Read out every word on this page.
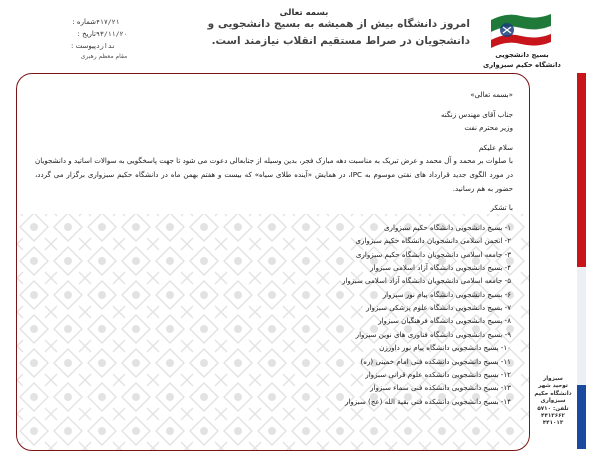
بسمه تعالی
۴۱۷/۲۱
شماره :
۹۳/۱۱/۲۰
تاریخ :
ندارد
پیوست :
مقام معظم رهبری
امروز دانشگاه بیش از همیشه به بسیج دانشجویی و دانشجویان در صراط مستقیم انقلاب نیازمند است.
بسیج دانشجویی
دانشگاه حکیم سبزواری
«بسمه تعالی»
جناب آقای مهندس زنگنه
وزیر محترم نفت
سلام علیکم
با صلوات بر محمد و آل محمد و عرض تبریک به مناسبت دهه مبارک فجر، بدین وسیله از جنابعالی دعوت می شود تا جهت پاسخگویی به سوالات اساتید و دانشجویان در مورد الگوی جدید قرارداد های نفتی موسوم به IPC، در همایش «آینده طلای سیاه» که بیست و هفتم بهمن ماه در دانشگاه حکیم سبزواری برگزار می گردد، حضور به هم رسانید.
با تشکر
۱- بسیج دانشجویی دانشگاه حکیم سبزواری
۲- انجمن اسلامی دانشجویان دانشگاه حکیم سبزواری
۳- جامعه اسلامی دانشجویان دانشگاه حکیم سبزواری
۴- بسیج دانشجویی دانشگاه آزاد اسلامی سبزوار
۵- جامعه اسلامی دانشجویان دانشگاه آزاد اسلامی سبزوار
۶- بسیج دانشجویی دانشگاه پیام نور سبزوار
۷- بسیج دانشجویی دانشگاه علوم پزشکی سبزوار
۸- بسیج دانشجویی دانشگاه فرهنگیان سبزوار
۹- بسیج دانشجویی دانشگاه فناوری های نوین سبزوار
۱۰- بسیج دانشجویی دانشگاه پیام نور داورزن
۱۱- بسیج دانشجویی دانشکده فنی امام خمینی (ره)
۱۲- بسیج دانشجویی دانشکده علوم قرانی سبزوار
۱۳- بسیج دانشجویی دانشکده فنی سماء سبزوار
۱۴- بسیج دانشجویی دانشکده فنی بقیة الله (عج) سبزوار
سبزوار
توحید شهر
دانشگاه حکیم
سبزواری
تلفن: ۵۷۱۰
۴۴۱۳۶۶۲
۴۴۱۰۱۳
